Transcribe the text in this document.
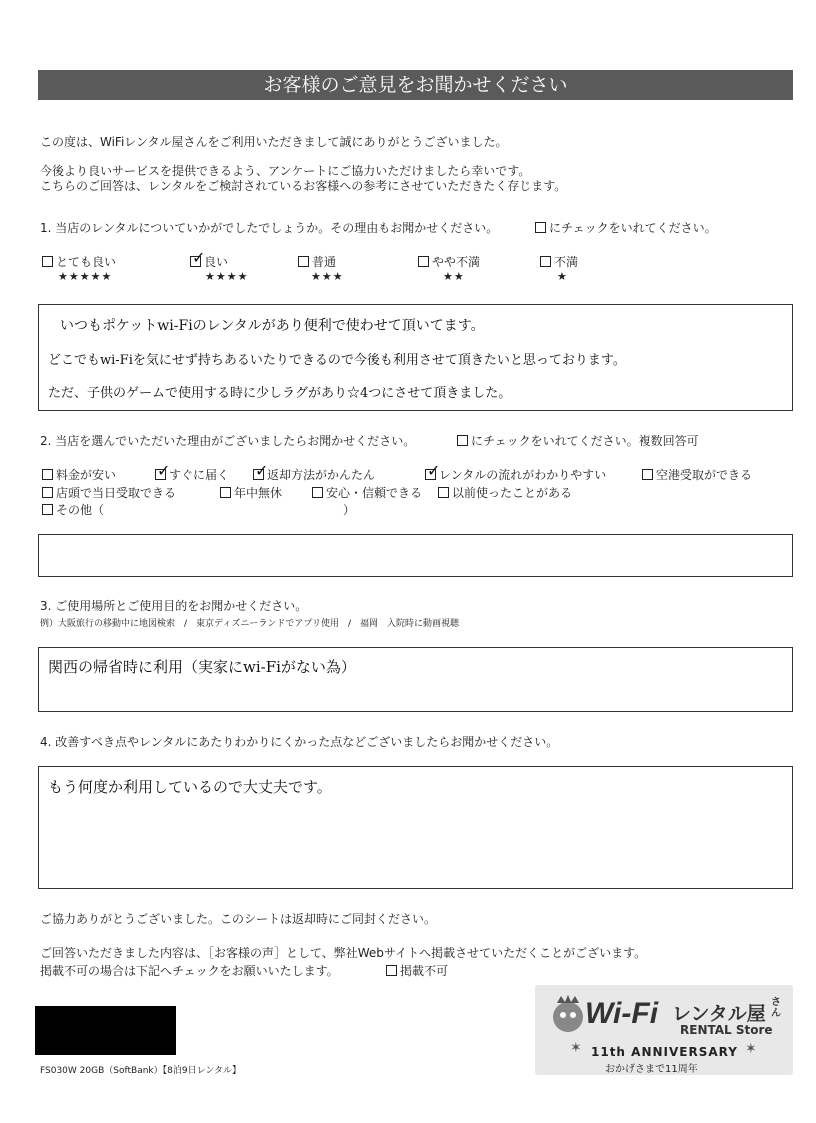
お客様のご意見をお聞かせください
この度は、WiFiレンタル屋さんをご利用いただきまして誠にありがとうございました。
今後より良いサービスを提供できるよう、アンケートにご協力いただけましたら幸いです。
こちらのご回答は、レンタルをご検討されているお客様への参考にさせていただきたく存じます。
1. 当店のレンタルについていかがでしたでしょうか。その理由もお聞かせください。	にチェックをいれてください。
とても良い
★★★★★
✓
良い
★★★★
普通
★★★
やや不満
★★
不満
★
いつもポケットwi-Fiのレンタルがあり便利で使わせて頂いてます。
どこでもwi-Fiを気にせず持ちあるいたりできるので今後も利用させて頂きたいと思っております。
ただ、子供のゲームで使用する時に少しラグがあり☆4つにさせて頂きました。
2. 当店を選んでいただいた理由がございましたらお聞かせください。	にチェックをいれてください。複数回答可
料金が安い	✓
すぐに届く ✓
返却方法がかんたん	✓
レンタルの流れがわかりやすい	空港受取ができる
店頭で当日受取できる	年中無休	安心・信頼できる	以前使ったことがある
その他（	）
3. ご使用場所とご使用目的をお聞かせください。
例）大阪旅行の移動中に地図検索　/　東京ディズニーランドでアプリ使用　/　福岡　入院時に動画視聴
関西の帰省時に利用（実家にwi-Fiがない為）
4. 改善すべき点やレンタルにあたりわかりにくかった点などございましたらお聞かせください。
もう何度か利用しているので大丈夫です。
ご協力ありがとうございました。このシートは返却時にご同封ください。
ご回答いただきました内容は、［お客様の声］として、弊社Webサイトへ掲載させていただくことがございます。
掲載不可の場合は下記へチェックをお願いいたします。	掲載不可
FS030W 20GB（SoftBank）【8泊9日レンタル】
Wi-Fi レンタル屋
さん
RENTAL Store
✶ 11th ANNIVERSARY ✶
おかげさまで11周年
